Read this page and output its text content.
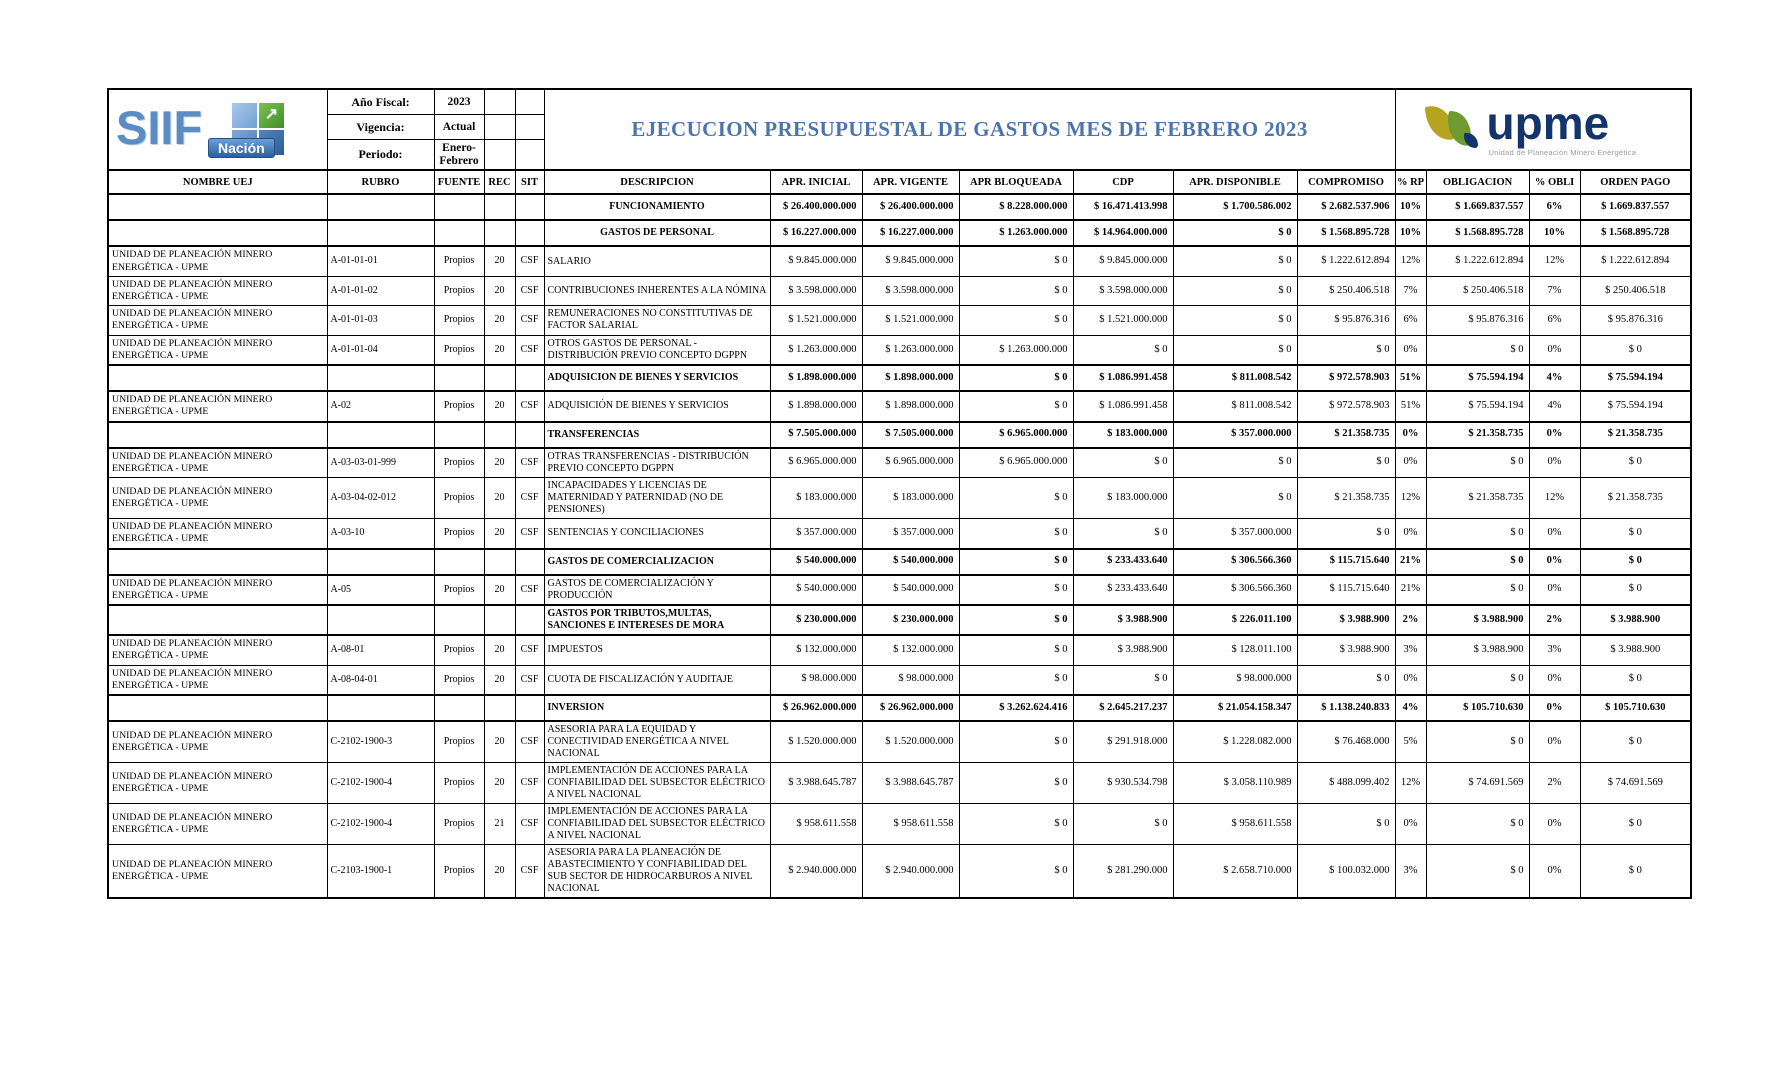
SIIF ↗
Nación	Año Fiscal:	2023			EJECUCION PRESUPUESTAL DE GASTOS MES DE FEBRERO 2023							upme
Unidad de Planeación Minero Energética			

	Vigencia:	Actual													
	Periodo:	Enero-Febrero													
NOMBRE UEJ	RUBRO	FUENTE	REC	SIT	DESCRIPCION	APR. INICIAL	APR. VIGENTE	APR BLOQUEADA	CDP	APR. DISPONIBLE	COMPROMISO	% RP	OBLIGACION	% OBLI	ORDEN PAGO
					FUNCIONAMIENTO	$ 26.400.000.000	$ 26.400.000.000	$ 8.228.000.000	$ 16.471.413.998	$ 1.700.586.002	$ 2.682.537.906	10%	$ 1.669.837.557	6%	$ 1.669.837.557
					GASTOS DE PERSONAL	$ 16.227.000.000	$ 16.227.000.000	$ 1.263.000.000	$ 14.964.000.000	$ 0	$ 1.568.895.728	10%	$ 1.568.895.728	10%	$ 1.568.895.728
UNIDAD DE PLANEACIÓN MINERO ENERGÉTICA - UPME	A-01-01-01	Propios	20	CSF	SALARIO	$ 9.845.000.000	$ 9.845.000.000	$ 0	$ 9.845.000.000	$ 0	$ 1.222.612.894	12%	$ 1.222.612.894	12%	$ 1.222.612.894
UNIDAD DE PLANEACIÓN MINERO ENERGÉTICA - UPME	A-01-01-02	Propios	20	CSF	CONTRIBUCIONES INHERENTES A LA NÓMINA	$ 3.598.000.000	$ 3.598.000.000	$ 0	$ 3.598.000.000	$ 0	$ 250.406.518	7%	$ 250.406.518	7%	$ 250.406.518
UNIDAD DE PLANEACIÓN MINERO ENERGÉTICA - UPME	A-01-01-03	Propios	20	CSF	REMUNERACIONES NO CONSTITUTIVAS DE FACTOR SALARIAL	$ 1.521.000.000	$ 1.521.000.000	$ 0	$ 1.521.000.000	$ 0	$ 95.876.316	6%	$ 95.876.316	6%	$ 95.876.316
UNIDAD DE PLANEACIÓN MINERO ENERGÉTICA - UPME	A-01-01-04	Propios	20	CSF	OTROS GASTOS DE PERSONAL - DISTRIBUCIÓN PREVIO CONCEPTO DGPPN	$ 1.263.000.000	$ 1.263.000.000	$ 1.263.000.000	$ 0	$ 0	$ 0	0%	$ 0	0%	$ 0
					ADQUISICION DE BIENES Y SERVICIOS	$ 1.898.000.000	$ 1.898.000.000	$ 0	$ 1.086.991.458	$ 811.008.542	$ 972.578.903	51%	$ 75.594.194	4%	$ 75.594.194
UNIDAD DE PLANEACIÓN MINERO ENERGÉTICA - UPME	A-02	Propios	20	CSF	ADQUISICIÓN DE BIENES Y SERVICIOS	$ 1.898.000.000	$ 1.898.000.000	$ 0	$ 1.086.991.458	$ 811.008.542	$ 972.578.903	51%	$ 75.594.194	4%	$ 75.594.194
					TRANSFERENCIAS	$ 7.505.000.000	$ 7.505.000.000	$ 6.965.000.000	$ 183.000.000	$ 357.000.000	$ 21.358.735	0%	$ 21.358.735	0%	$ 21.358.735
UNIDAD DE PLANEACIÓN MINERO ENERGÉTICA - UPME	A-03-03-01-999	Propios	20	CSF	OTRAS TRANSFERENCIAS - DISTRIBUCIÓN PREVIO CONCEPTO DGPPN	$ 6.965.000.000	$ 6.965.000.000	$ 6.965.000.000	$ 0	$ 0	$ 0	0%	$ 0	0%	$ 0
UNIDAD DE PLANEACIÓN MINERO ENERGÉTICA - UPME	A-03-04-02-012	Propios	20	CSF	INCAPACIDADES Y LICENCIAS DE MATERNIDAD Y PATERNIDAD (NO DE PENSIONES)	$ 183.000.000	$ 183.000.000	$ 0	$ 183.000.000	$ 0	$ 21.358.735	12%	$ 21.358.735	12%	$ 21.358.735
UNIDAD DE PLANEACIÓN MINERO ENERGÉTICA - UPME	A-03-10	Propios	20	CSF	SENTENCIAS Y CONCILIACIONES	$ 357.000.000	$ 357.000.000	$ 0	$ 0	$ 357.000.000	$ 0	0%	$ 0	0%	$ 0
					GASTOS DE COMERCIALIZACION	$ 540.000.000	$ 540.000.000	$ 0	$ 233.433.640	$ 306.566.360	$ 115.715.640	21%	$ 0	0%	$ 0
UNIDAD DE PLANEACIÓN MINERO ENERGÉTICA - UPME	A-05	Propios	20	CSF	GASTOS DE COMERCIALIZACIÓN Y PRODUCCIÓN	$ 540.000.000	$ 540.000.000	$ 0	$ 233.433.640	$ 306.566.360	$ 115.715.640	21%	$ 0	0%	$ 0
					GASTOS POR TRIBUTOS,MULTAS, SANCIONES E INTERESES DE MORA	$ 230.000.000	$ 230.000.000	$ 0	$ 3.988.900	$ 226.011.100	$ 3.988.900	2%	$ 3.988.900	2%	$ 3.988.900
UNIDAD DE PLANEACIÓN MINERO ENERGÉTICA - UPME	A-08-01	Propios	20	CSF	IMPUESTOS	$ 132.000.000	$ 132.000.000	$ 0	$ 3.988.900	$ 128.011.100	$ 3.988.900	3%	$ 3.988.900	3%	$ 3.988.900
UNIDAD DE PLANEACIÓN MINERO ENERGÉTICA - UPME	A-08-04-01	Propios	20	CSF	CUOTA DE FISCALIZACIÓN Y AUDITAJE	$ 98.000.000	$ 98.000.000	$ 0	$ 0	$ 98.000.000	$ 0	0%	$ 0	0%	$ 0
					INVERSION	$ 26.962.000.000	$ 26.962.000.000	$ 3.262.624.416	$ 2.645.217.237	$ 21.054.158.347	$ 1.138.240.833	4%	$ 105.710.630	0%	$ 105.710.630
UNIDAD DE PLANEACIÓN MINERO ENERGÉTICA - UPME	C-2102-1900-3	Propios	20	CSF	ASESORIA PARA LA EQUIDAD Y CONECTIVIDAD ENERGÉTICA A NIVEL NACIONAL	$ 1.520.000.000	$ 1.520.000.000	$ 0	$ 291.918.000	$ 1.228.082.000	$ 76.468.000	5%	$ 0	0%	$ 0
UNIDAD DE PLANEACIÓN MINERO ENERGÉTICA - UPME	C-2102-1900-4	Propios	20	CSF	IMPLEMENTACIÓN DE ACCIONES PARA LA CONFIABILIDAD DEL SUBSECTOR ELÉCTRICO A NIVEL NACIONAL	$ 3.988.645.787	$ 3.988.645.787	$ 0	$ 930.534.798	$ 3.058.110.989	$ 488.099.402	12%	$ 74.691.569	2%	$ 74.691.569
UNIDAD DE PLANEACIÓN MINERO ENERGÉTICA - UPME	C-2102-1900-4	Propios	21	CSF	IMPLEMENTACIÓN DE ACCIONES PARA LA CONFIABILIDAD DEL SUBSECTOR ELÉCTRICO A NIVEL NACIONAL	$ 958.611.558	$ 958.611.558	$ 0	$ 0	$ 958.611.558	$ 0	0%	$ 0	0%	$ 0
UNIDAD DE PLANEACIÓN MINERO ENERGÉTICA - UPME	C-2103-1900-1	Propios	20	CSF	ASESORIA PARA LA PLANEACIÓN DE ABASTECIMIENTO Y CONFIABILIDAD DEL SUB SECTOR DE HIDROCARBUROS A NIVEL NACIONAL	$ 2.940.000.000	$ 2.940.000.000	$ 0	$ 281.290.000	$ 2.658.710.000	$ 100.032.000	3%	$ 0	0%	$ 0
